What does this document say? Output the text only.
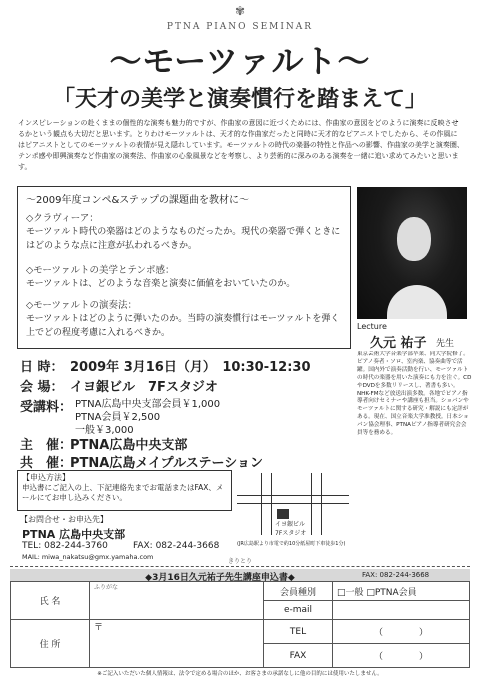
✾
PTNA PIANO SEMINAR
〜モーツァルト〜
「天才の美学と演奏慣行を踏まえて」
インスピレーションの赴くままの個性的な演奏も魅力的ですが、作曲家の意図に近づくためには、作曲家の意図をどのように演奏に反映させるかという観点も大切だと思います。とりわけモーツァルトは、天才的な作曲家だったと同時に天才的なピアニストでしたから、その作風にはピアニストとしてのモーツァルトの表情が見え隠れしています。モーツァルトの時代の楽器の特性と作品への影響、作曲家の美学と演奏圏、テンポ感や即興演奏など作曲家の演奏法、作曲家の心象風景などを考察し、より芸術的に深みのある演奏を一緒に追い求めてみたいと思います。
〜2009年度コンペ&ステップの課題曲を教材に〜
◇クラヴィーア：
モーツァルト時代の楽器はどのようなものだったか。現代の楽器で弾くときにはどのような点に注意が払われるべきか。
◇モーツァルトの美学とテンポ感：
モーツァルトは、どのような音楽と演奏に価値をおいていたのか。
◇モーツァルトの演奏法：
モーツァルトはどのように弾いたのか。当時の演奏慣行はモーツァルトを弾く上でどの程度考慮に入れるべきか。
Lecture
久元 祐子 先生
東京芸術大学音楽学部卒業、同大学院修了。ピアノ奏者・ソロ、室内楽、協奏曲等で活躍。国内外で演奏活動を行い、モーツァルトの時代の楽器を用いた演奏にも力を注ぐ。CDやDVDを多数リリースし、著書も多い。NHK-FMなど放送出演多数。各地でピアノ指導者向けセミナーや講座も担当。ショパンやモーツァルトに関する研究・解説にも定評がある。現在、国立音楽大学准教授。日本ショパン協会理事、PTNAピアノ指導者研究会会員等を務める。
日 時： 2009年 3月16日（月）　10:30-12:30
会 場： イヨ銀ビル　7Fスタジオ
受講料： PTNA広島中央支部会員￥1,000
PTNA会員￥2,500
一般￥3,000
主　催：
PTNA広島中央支部
共　催：
PTNA広島メイプルステーション
イヨ銀ビル
7Fスタジオ
(JR広島駅より市電で約10分紙屋町下車徒歩1分)
【申込方法】
申込書にご記入の上、下記連絡先までお電話またはFAX、メールにてお申し込みください。
【お問合せ・お申込先】
PTNA 広島中央支部
TEL: 082-244-3760	FAX: 082-244-3668
MAIL: miwa_nakatsu@gmx.yamaha.com
きりとり
◆3月16日久元祐子先生講座申込書◆	FAX: 082-244-3668
氏 名	ふりがな	会員種別	□一般 □PTNA会員
		e-mail	
住 所	〒	TEL	（　　　　）
		FAX	（　　　　）
※ご記入いただいた個人情報は、法令で定める場合のほか、お客さまの承諾なしに他の目的には使用いたしません。
